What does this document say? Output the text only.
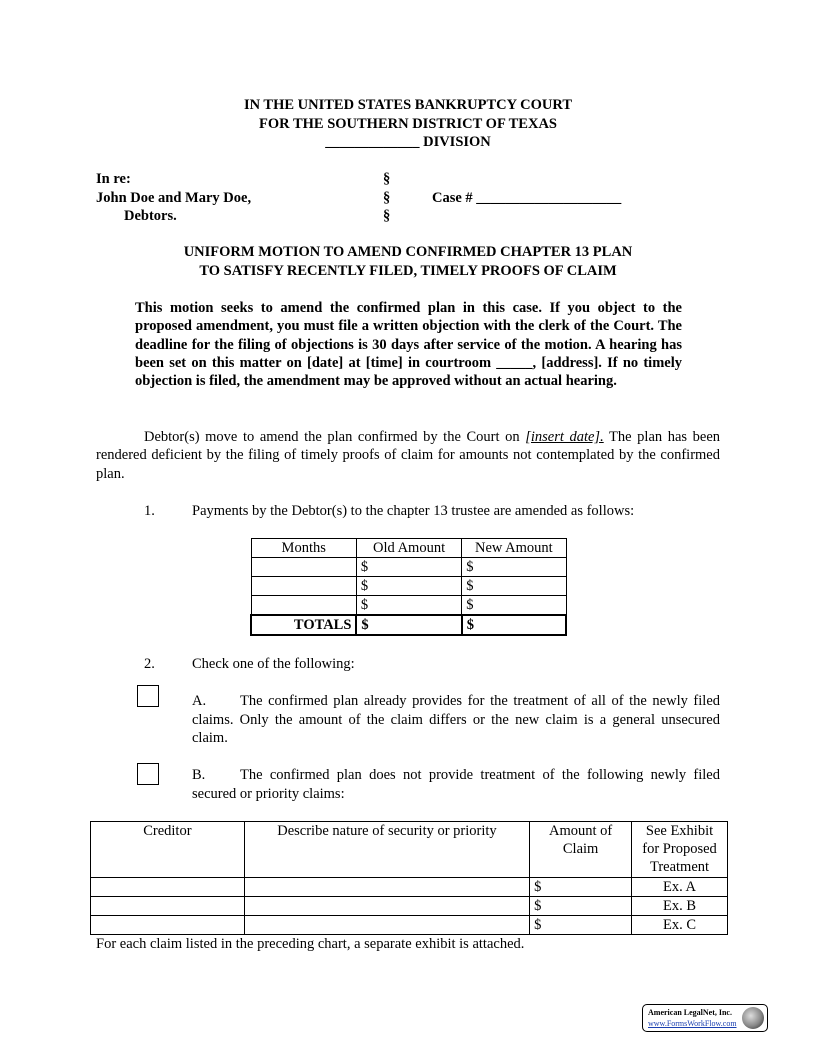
IN THE UNITED STATES BANKRUPTCY COURT
FOR THE SOUTHERN DISTRICT OF TEXAS
_____________ DIVISION
In re:
John Doe and Mary Doe,
Debtors.
§
§
§
Case # ____________________
UNIFORM MOTION TO AMEND CONFIRMED CHAPTER 13 PLAN
TO SATISFY RECENTLY FILED, TIMELY PROOFS OF CLAIM
This motion seeks to amend the confirmed plan in this case. If you object to the proposed amendment, you must file a written objection with the clerk of the Court. The deadline for the filing of objections is 30 days after service of the motion. A hearing has been set on this matter on [date] at [time] in courtroom _____, [address]. If no timely objection is filed, the amendment may be approved without an actual hearing.
Debtor(s) move to amend the plan confirmed by the Court on [insert date]. The plan has been rendered deficient by the filing of timely proofs of claim for amounts not contemplated by the confirmed plan.
1.	Payments by the Debtor(s) to the chapter 13 trustee are amended as follows:
Months	Old Amount	New Amount
	$	$
	$	$
	$	$
TOTALS	$	$
2.	Check one of the following:
A. The confirmed plan already provides for the treatment of all of the newly filed claims. Only the amount of the claim differs or the new claim is a general unsecured claim.
B. The confirmed plan does not provide treatment of the following newly filed secured or priority claims:
Creditor	Describe nature of security or priority	Amount of Claim	See Exhibit for Proposed Treatment
		$	Ex. A
		$	Ex. B
		$	Ex. C
For each claim listed in the preceding chart, a separate exhibit is attached.
American LegalNet, Inc.
www.FormsWorkFlow.com
